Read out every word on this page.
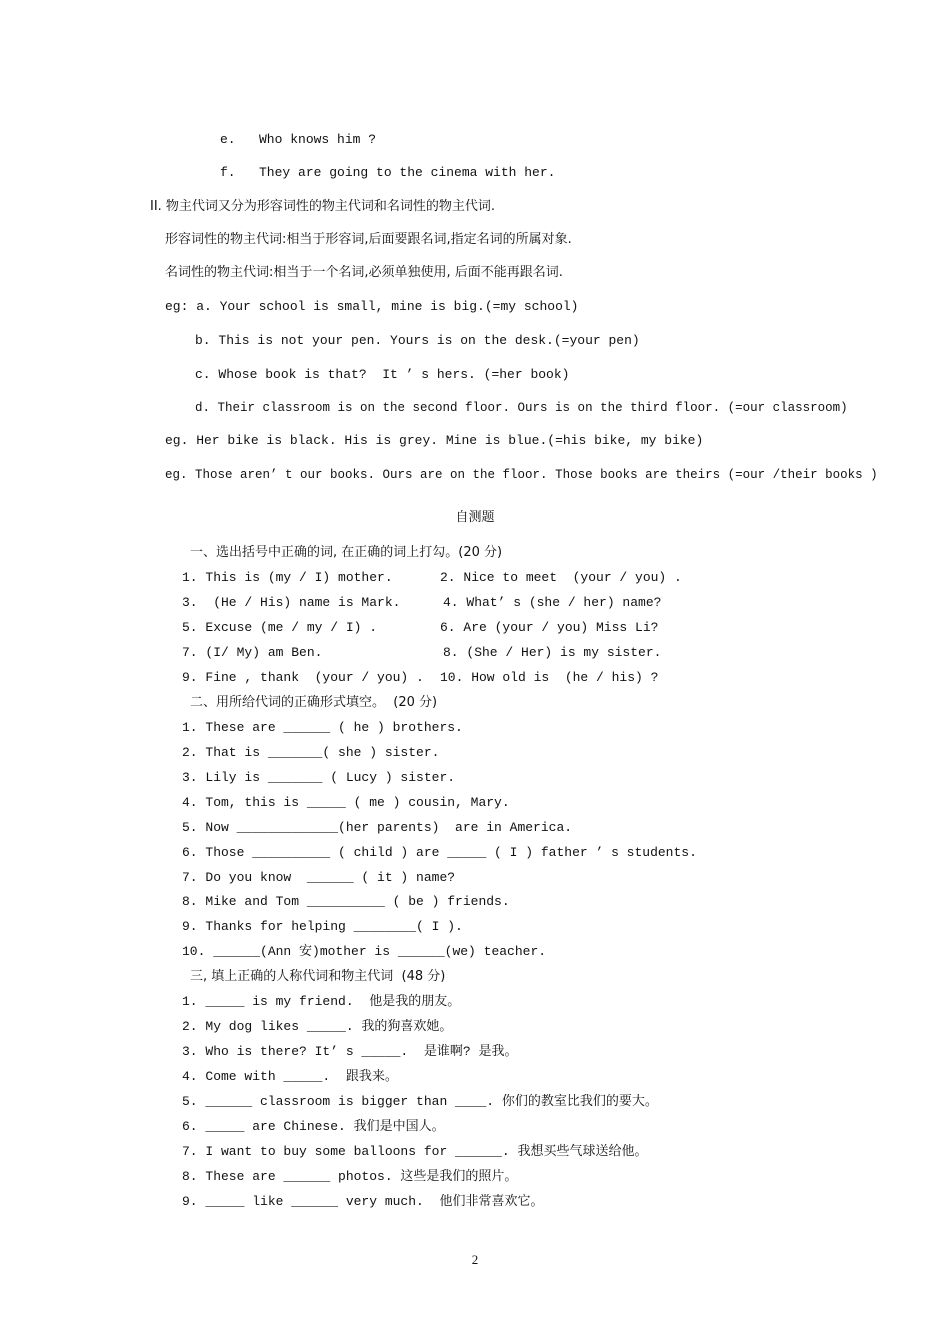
e.   Who knows him ?
f.   They are going to the cinema with her.
II. 物主代词又分为形容词性的物主代词和名词性的物主代词.
形容词性的物主代词:相当于形容词,后面要跟名词,指定名词的所属对象.
名词性的物主代词:相当于一个名词,必须单独使用, 后面不能再跟名词.
eg: a. Your school is small, mine is big.(=my school)
b. This is not your pen. Yours is on the desk.(=your pen)
c. Whose book is that?  It ’ s hers. (=her book)
d. Their classroom is on the second floor. Ours is on the third floor. (=our classroom)
eg. Her bike is black. His is grey. Mine is blue.(=his bike, my bike)
eg. Those aren’ t our books. Ours are on the floor. Those books are theirs (=our /their books )
自测题
一、选出括号中正确的词, 在正确的词上打勾。(20 分)
1. This is (my / I) mother.	2. Nice to meet  (your / you) .
3.  (He / His) name is Mark.	4. What’ s (she / her) name?
5. Excuse (me / my / I) .	6. Are (your / you) Miss Li?
7. (I/ My) am Ben.	8. (She / Her) is my sister.
9. Fine , thank  (your / you) . 10. How old is  (he / his) ?
二、用所给代词的正确形式填空。  (20 分)
1. These are ______ ( he ) brothers.
2. That is _______( she ) sister.
3. Lily is _______ ( Lucy ) sister.
4. Tom, this is _____ ( me ) cousin, Mary.
5. Now _____________(her parents)  are in America.
6. Those __________ ( child ) are _____ ( I ) father ’ s students.
7. Do you know  ______ ( it ) name?
8. Mike and Tom __________ ( be ) friends.
9. Thanks for helping ________( I ).
10. ______(Ann 安)mother is ______(we) teacher.
三, 填上正确的人称代词和物主代词  (48 分)
1. _____ is my friend.  他是我的朋友。
2. My dog likes _____. 我的狗喜欢她。
3. Who is there? It’ s _____.  是谁啊? 是我。
4. Come with _____.  跟我来。
5. ______ classroom is bigger than ____. 你们的教室比我们的要大。
6. _____ are Chinese. 我们是中国人。
7. I want to buy some balloons for ______. 我想买些气球送给他。
8. These are ______ photos. 这些是我们的照片。
9. _____ like ______ very much.  他们非常喜欢它。
2
